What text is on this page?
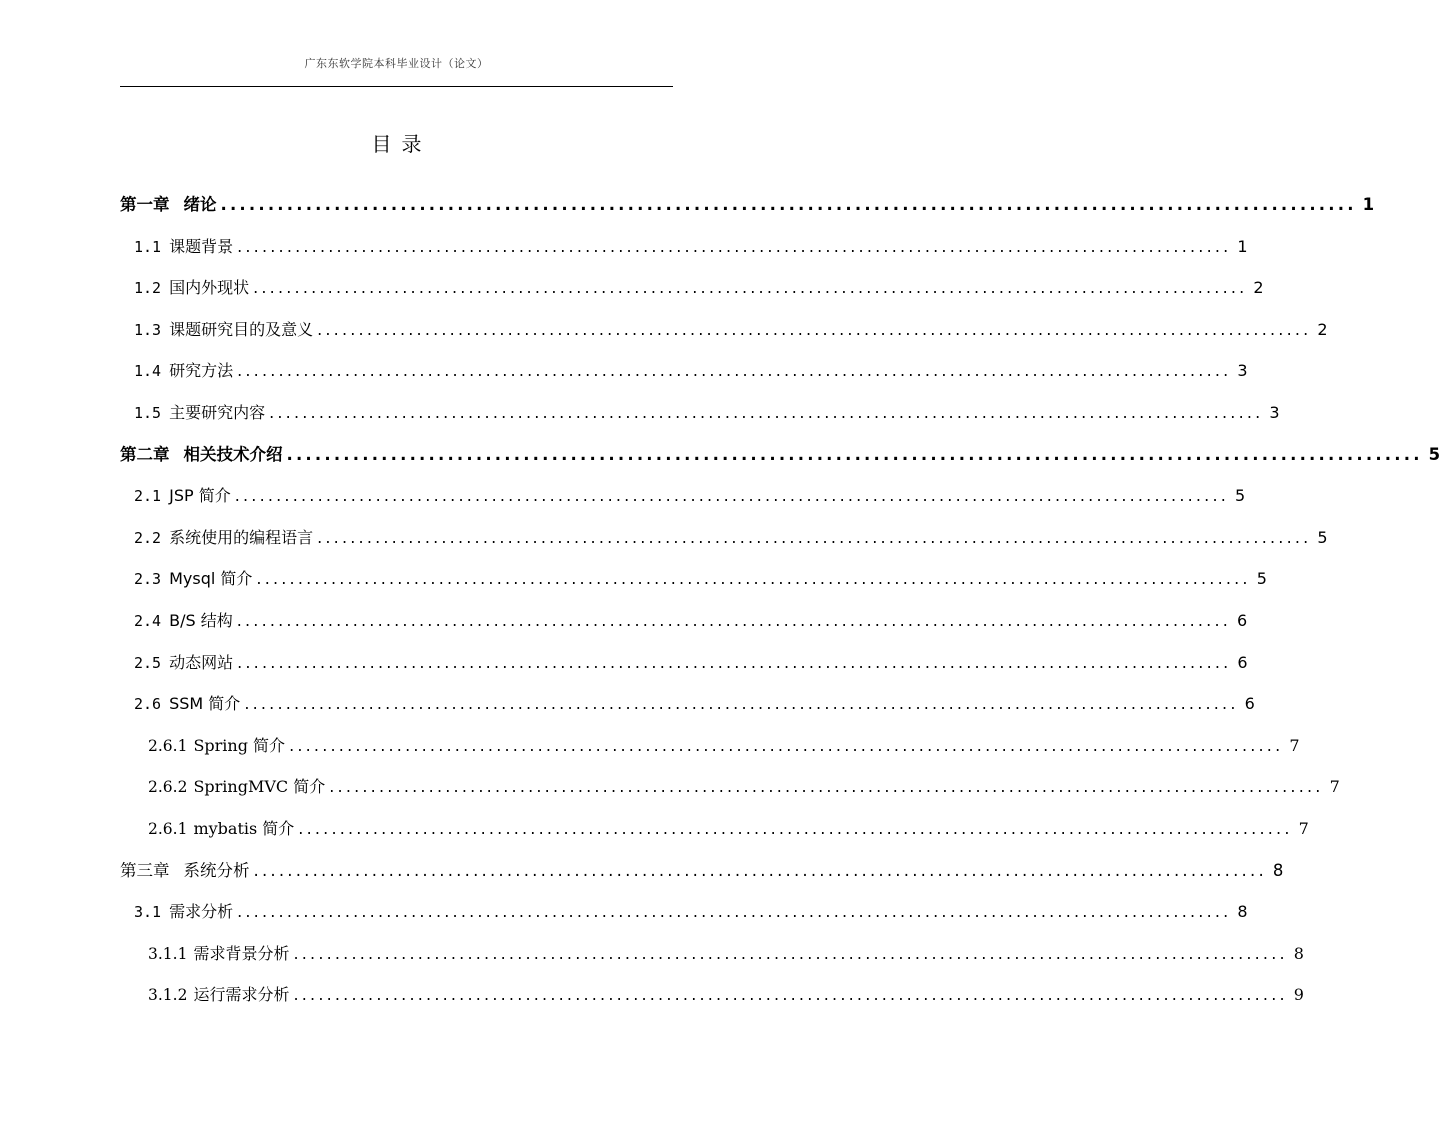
广东东软学院本科毕业设计（论文）
目录
第一章 绪论 ........................................................................................................................ 1
1.1 课题背景 ........................................................................................................................ 1
1.2 国内外现状 ........................................................................................................................ 2
1.3 课题研究目的及意义 ........................................................................................................................ 2
1.4 研究方法 ........................................................................................................................ 3
1.5 主要研究内容 ........................................................................................................................ 3
第二章 相关技术介绍 ........................................................................................................................ 5
2.1 JSP 简介 ........................................................................................................................ 5
2.2 系统使用的编程语言 ........................................................................................................................ 5
2.3 Mysql 简介 ........................................................................................................................ 5
2.4 B/S 结构 ........................................................................................................................ 6
2.5 动态网站 ........................................................................................................................ 6
2.6 SSM 简介 ........................................................................................................................ 6
2.6.1 Spring 简介 ........................................................................................................................ 7
2.6.2 SpringMVC 简介 ........................................................................................................................ 7
2.6.1 mybatis 简介 ........................................................................................................................ 7
第三章 系统分析 ........................................................................................................................ 8
3.1 需求分析 ........................................................................................................................ 8
3.1.1 需求背景分析 ........................................................................................................................ 8
3.1.2 运行需求分析 ........................................................................................................................ 9
